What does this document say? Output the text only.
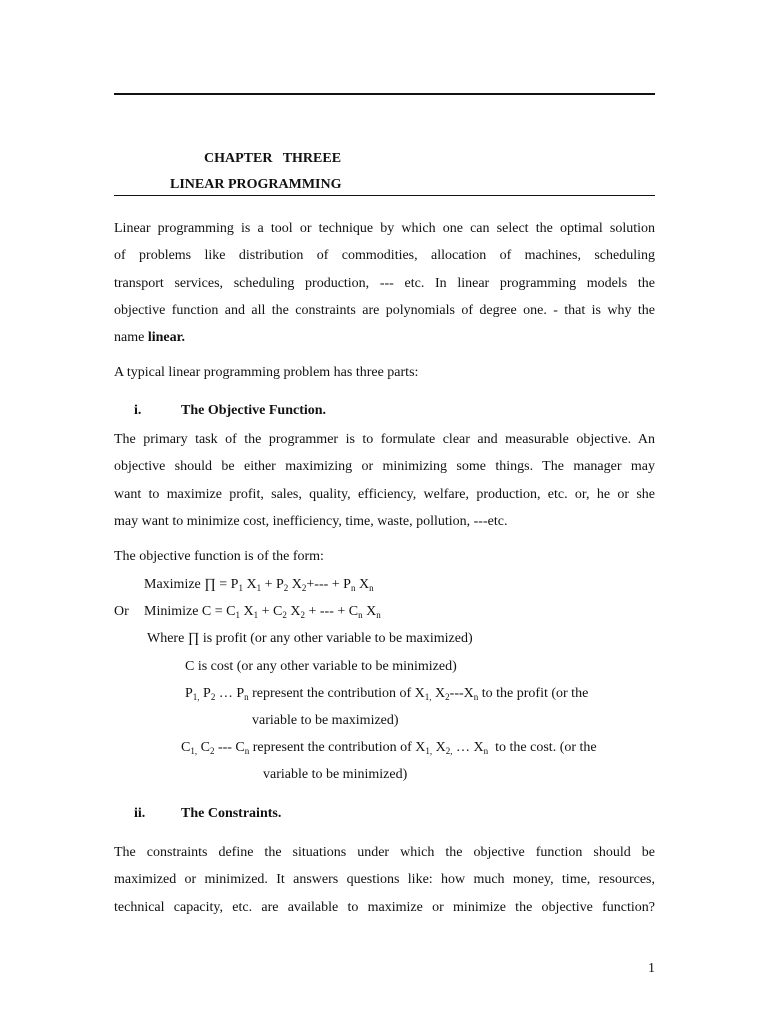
CHAPTER   THREEE
LINEAR PROGRAMMING
Linear programming is a tool or technique by which one can select the optimal solution
of problems like distribution of commodities, allocation of machines, scheduling
transport services, scheduling production, --- etc. In linear programming models the
objective function and all the constraints are polynomials of degree one. - that is why the
name linear.
A typical linear programming problem has three parts:
i.	The Objective Function.
The primary task of the programmer is to formulate clear and measurable objective. An
objective should be either maximizing or minimizing some things. The manager may
want to maximize profit, sales, quality, efficiency, welfare, production, etc. or, he or she
may want to minimize cost, inefficiency, time, waste, pollution, ---etc.
The objective function is of the form:
Maximize ∏ = $P_1$ $X_1 + P_2$ $X_2+--- + P_n$ $X_n$
Or Minimize $C = C_1$ $X_1 + C_2$ $X_2$ + --- + $C_n$ $X_n$
Where ∏ is profit (or any other variable to be maximized)
C is cost (or any other variable to be minimized)
$P_{1,}$ $P_2$ … $P_n$ represent the contribution of $X_{1,}$ $X_2---X_n$ to the profit (or the
variable to be maximized)
$C_{1,}$ $C_2$ --- $C_n$ represent the contribution of $X_{1,}$ $X_{2,}$ … $X_n$ to the cost. (or the
variable to be minimized)
ii.	The Constraints.
The constraints define the situations under which the objective function should be
maximized or minimized. It answers questions like: how much money, time, resources,
technical capacity, etc. are available to maximize or minimize the objective function?
1
